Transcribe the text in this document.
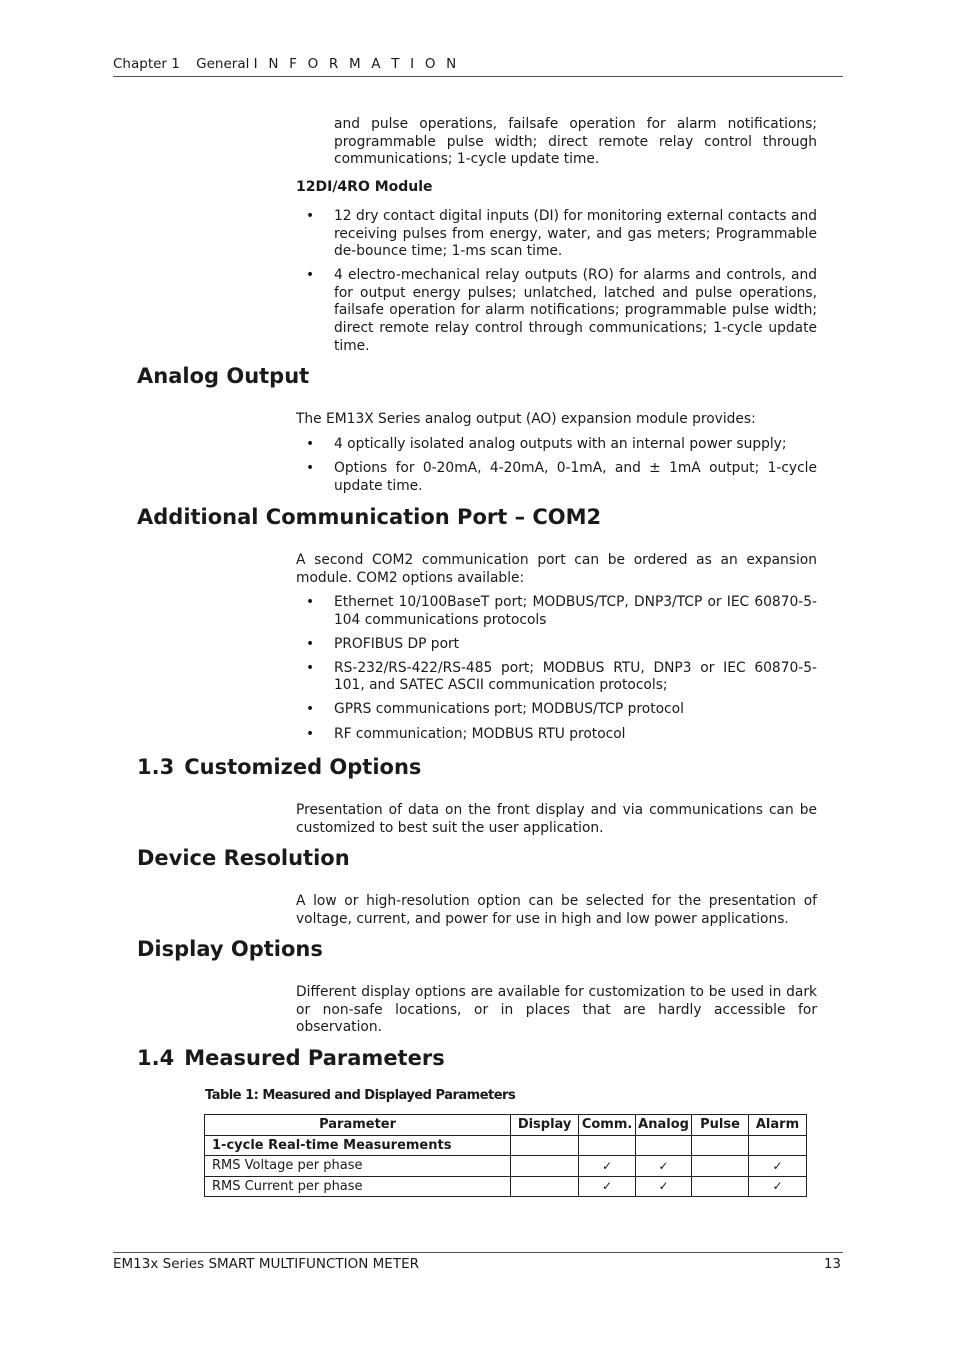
Chapter 1 General I N F O R M A T I O N
and pulse operations, failsafe operation for alarm notifications; programmable pulse width; direct remote relay control through communications; 1-cycle update time.
12DI/4RO Module
• 12 dry contact digital inputs (DI) for monitoring external contacts and receiving pulses from energy, water, and gas meters; Programmable de-bounce time; 1-ms scan time.
• 4 electro-mechanical relay outputs (RO) for alarms and controls, and for output energy pulses; unlatched, latched and pulse operations, failsafe operation for alarm notifications; programmable pulse width; direct remote relay control through communications; 1-cycle update time.
Analog Output
The EM13X Series analog output (AO) expansion module provides:
• 4 optically isolated analog outputs with an internal power supply;
• Options for 0-20mA, 4-20mA, 0-1mA, and ± 1mA output; 1-cycle update time.
Additional Communication Port – COM2
A second COM2 communication port can be ordered as an expansion module. COM2 options available:
• Ethernet 10/100BaseT port; MODBUS/TCP, DNP3/TCP or IEC 60870-5-104 communications protocols
• PROFIBUS DP port
• RS-232/RS-422/RS-485 port; MODBUS RTU, DNP3 or IEC 60870-5-101, and SATEC ASCII communication protocols;
• GPRS communications port; MODBUS/TCP protocol
• RF communication; MODBUS RTU protocol
1.3 Customized Options
Presentation of data on the front display and via communications can be customized to best suit the user application.
Device Resolution
A low or high-resolution option can be selected for the presentation of voltage, current, and power for use in high and low power applications.
Display Options
Different display options are available for customization to be used in dark or non-safe locations, or in places that are hardly accessible for observation.
1.4 Measured Parameters
Table 1: Measured and Displayed Parameters
Parameter	Display	Comm.	Analog	Pulse	Alarm
1-cycle Real-time Measurements					
RMS Voltage per phase		✓	✓		✓
RMS Current per phase		✓	✓		✓
EM13x Series SMART MULTIFUNCTION METER	13
